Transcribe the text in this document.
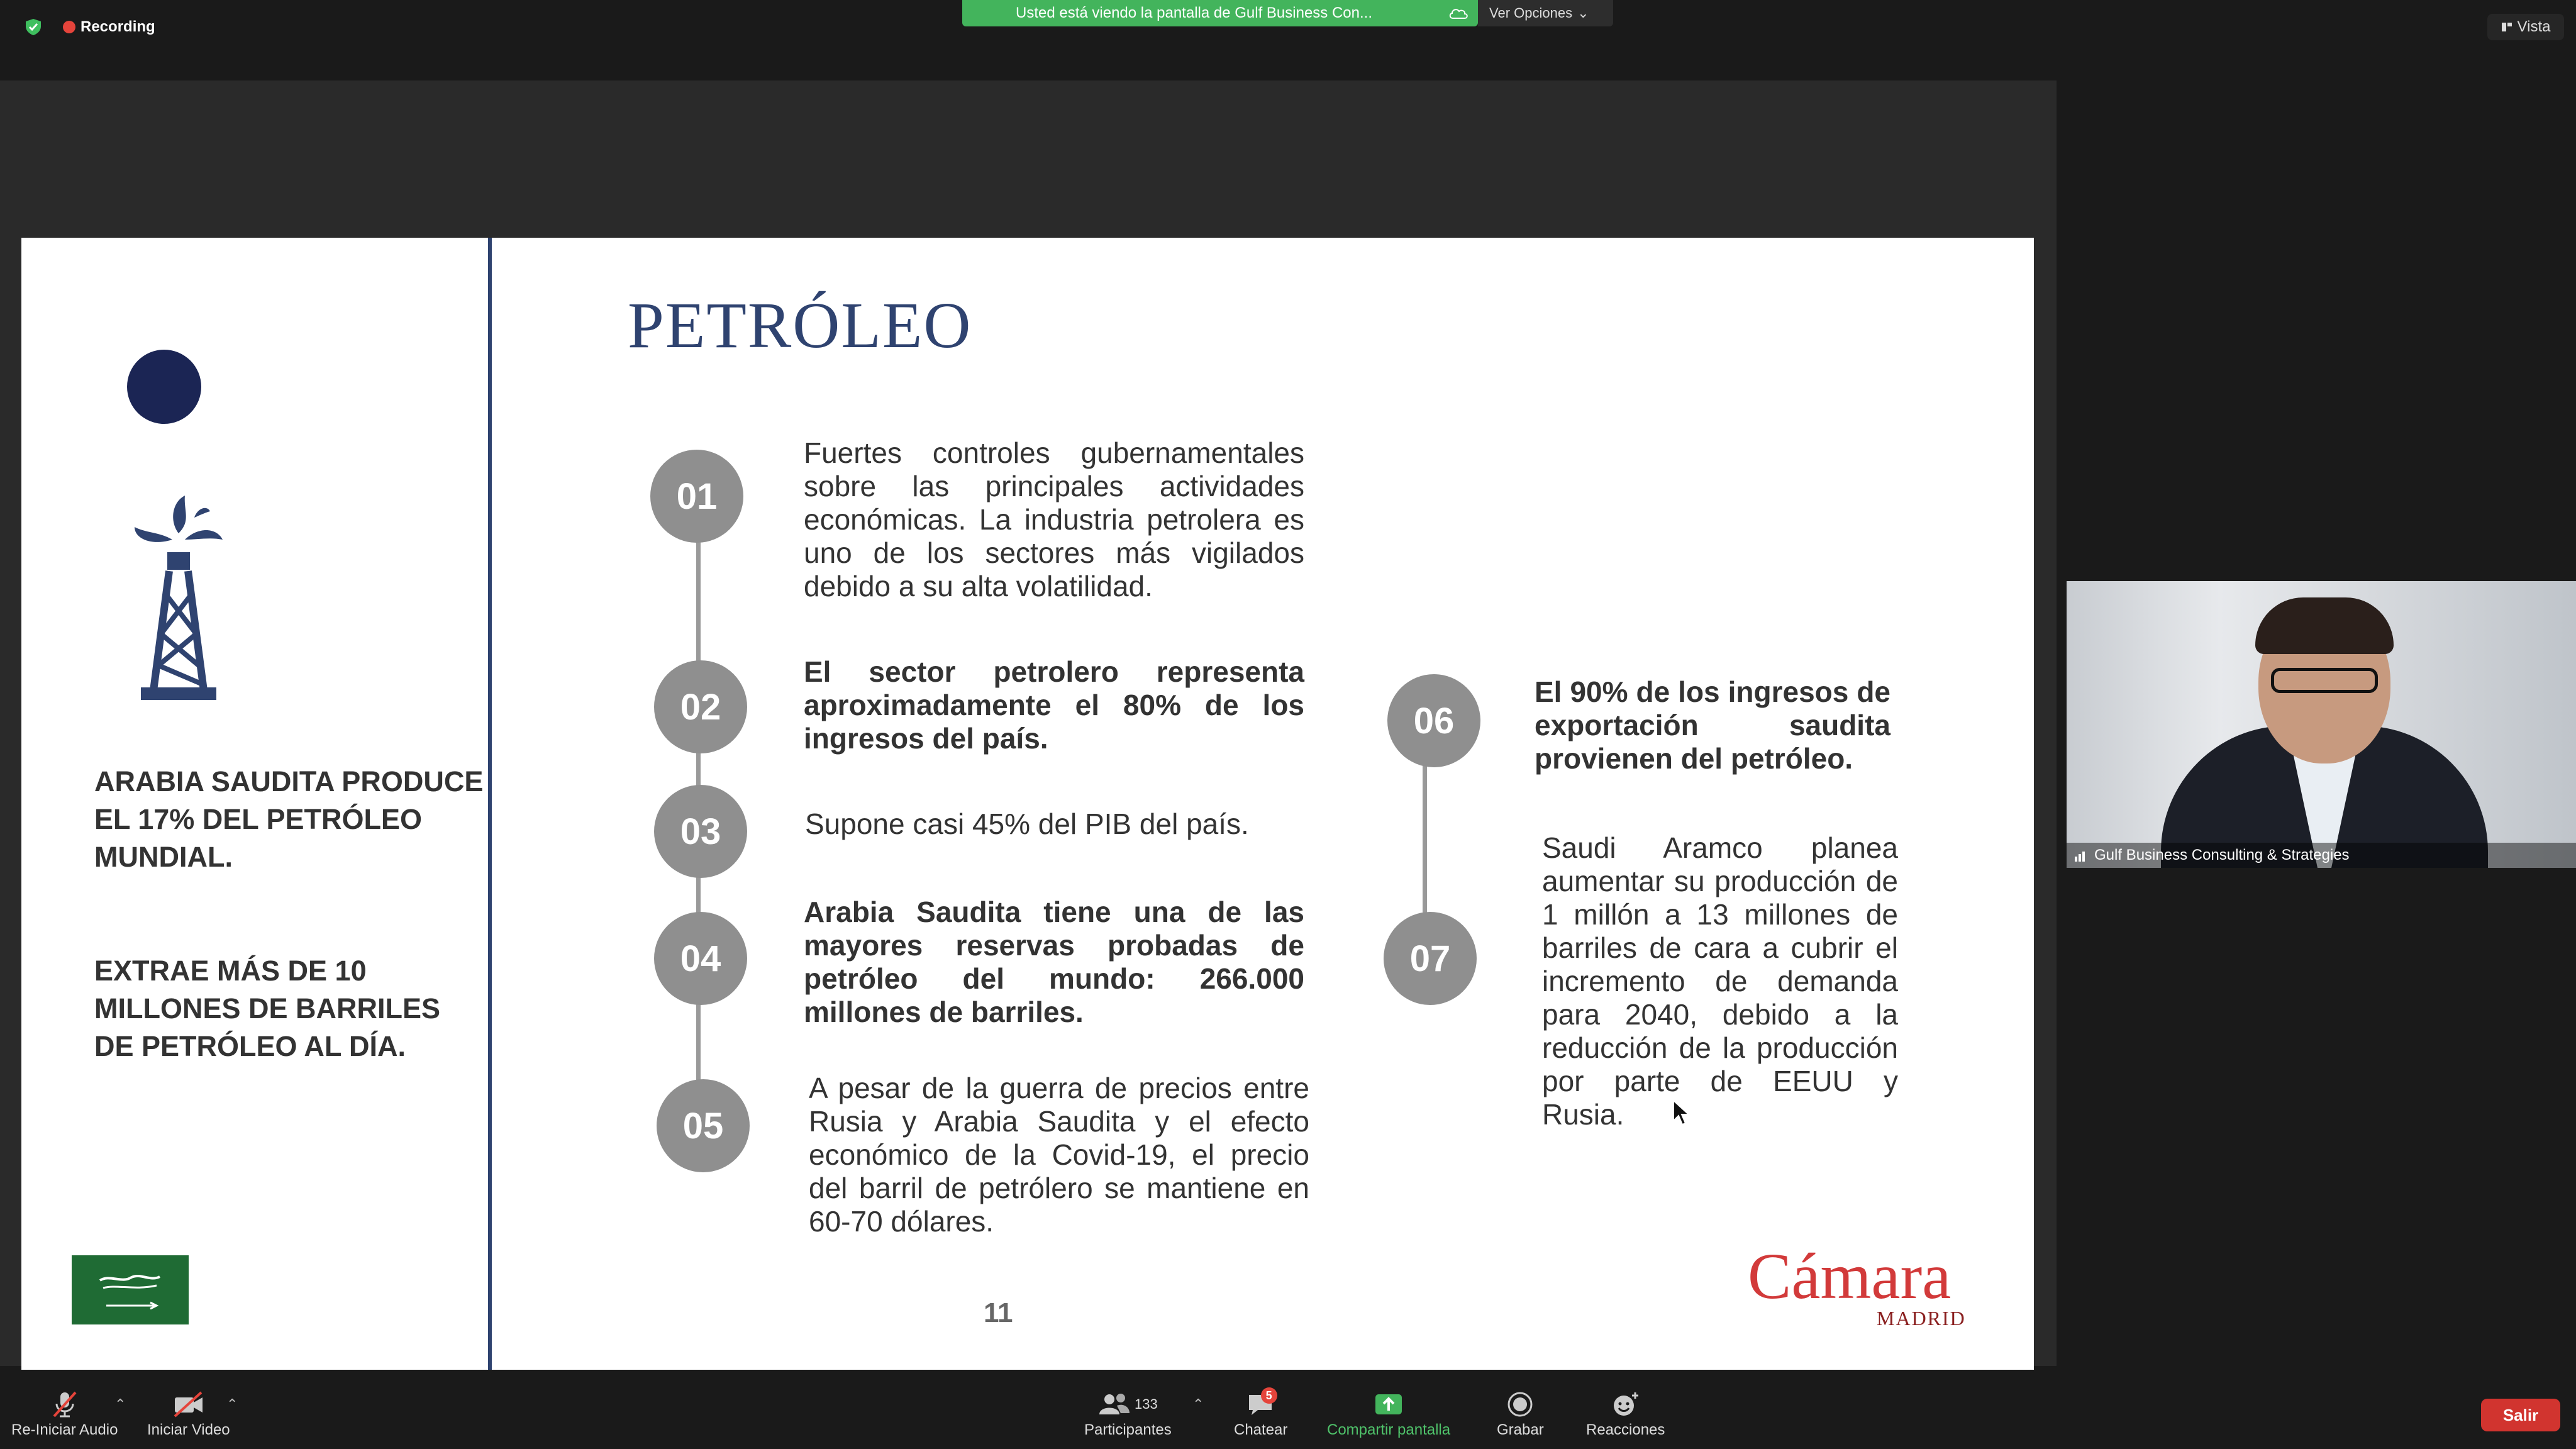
Recording
Usted está viendo la pantalla de Gulf Business Con...	Ver Opciones ⌄
Vista
ARABIA SAUDITA PRODUCE EL 17% DEL PETRÓLEO MUNDIAL.
EXTRAE MÁS DE 10 MILLONES DE BARRILES DE PETRÓLEO AL DÍA.
PETRÓLEO
01
02
03
04
05
Fuertes controles gubernamentales sobre las principales actividades económicas. La industria petrolera es uno de los sectores más vigilados debido a su alta volatilidad.
El sector petrolero representa aproximadamente el 80% de los ingresos del país.
Supone casi 45% del PIB del país.
Arabia Saudita tiene una de las mayores reservas probadas de petróleo del mundo: 266.000 millones de barriles.
A pesar de la guerra de precios entre Rusia y Arabia Saudita y el efecto económico de la Covid-19, el precio del barril de petrólero se mantiene en 60-70 dólares.
06
07
El 90% de los ingresos de exportación saudita provienen del petróleo.
Saudi Aramco planea aumentar su producción de 1 millón a 13 millones de barriles de cara a cubrir el incremento de demanda para 2040, debido a la reducción de la producción por parte de EEUU y Rusia.
11
Cámara
MADRID
Gulf Business Consulting & Strategies
Re-Iniciar Audio
⌃
Iniciar Video
⌃	133
Participantes
⌃
5
Chatear	Compartir pantalla	Grabar	Reacciones
Salir
